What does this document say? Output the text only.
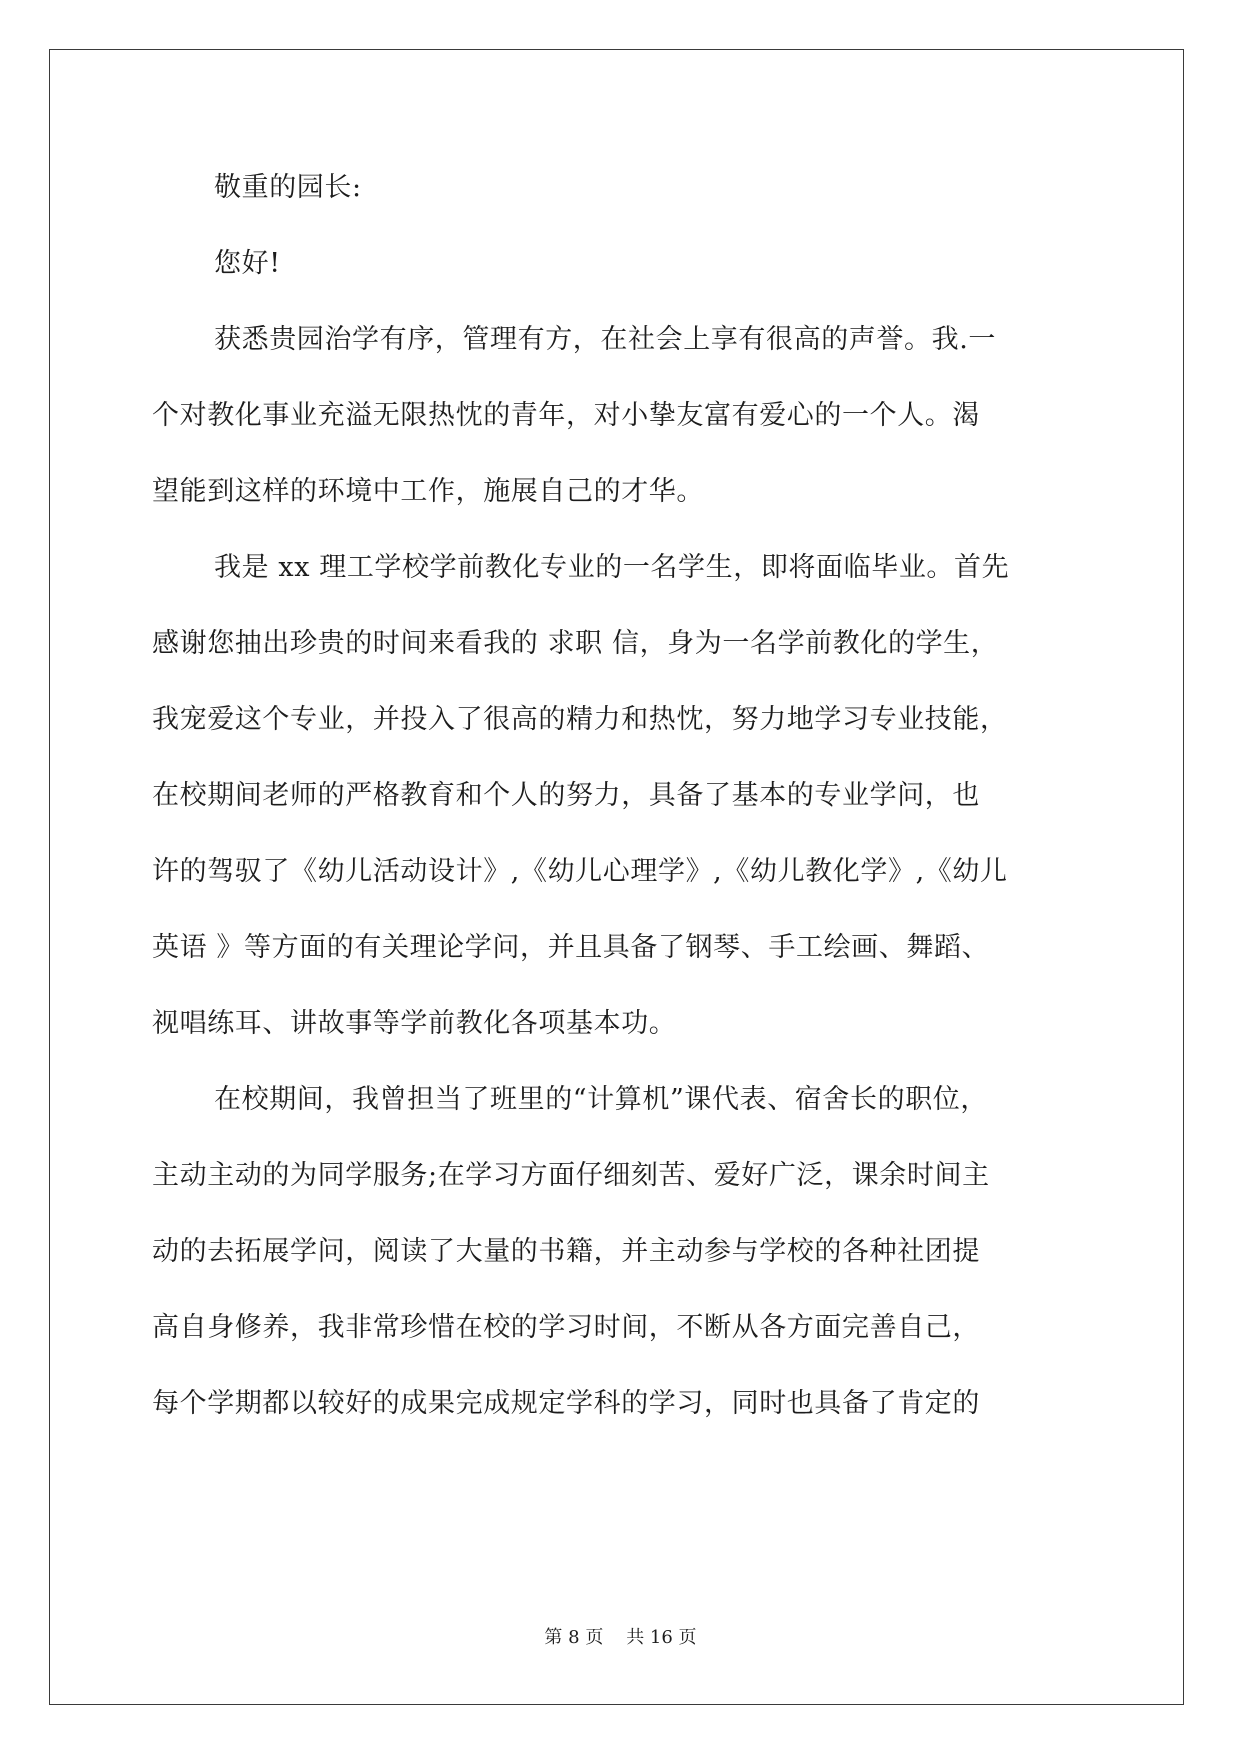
敬重的园长:
您好!
获悉贵园治学有序，管理有方，在社会上享有很高的声誉。我.一
个对教化事业充溢无限热忱的青年，对小挚友富有爱心的一个人。渴
望能到这样的环境中工作，施展自己的才华。
我是 xx 理工学校学前教化专业的一名学生，即将面临毕业。首先
感谢您抽出珍贵的时间来看我的 求职 信，身为一名学前教化的学生，
我宠爱这个专业，并投入了很高的精力和热忱，努力地学习专业技能，
在校期间老师的严格教育和个人的努力，具备了基本的专业学问，也
许的驾驭了《幼儿活动设计》,《幼儿心理学》,《幼儿教化学》,《幼儿
英语 》等方面的有关理论学问，并且具备了钢琴、手工绘画、舞蹈、
视唱练耳、讲故事等学前教化各项基本功。
在校期间，我曾担当了班里的“计算机”课代表、宿舍长的职位，
主动主动的为同学服务;在学习方面仔细刻苦、爱好广泛，课余时间主
动的去拓展学问，阅读了大量的书籍，并主动参与学校的各种社团提
高自身修养，我非常珍惜在校的学习时间，不断从各方面完善自己，
每个学期都以较好的成果完成规定学科的学习，同时也具备了肯定的
第 8 页    共 16 页
